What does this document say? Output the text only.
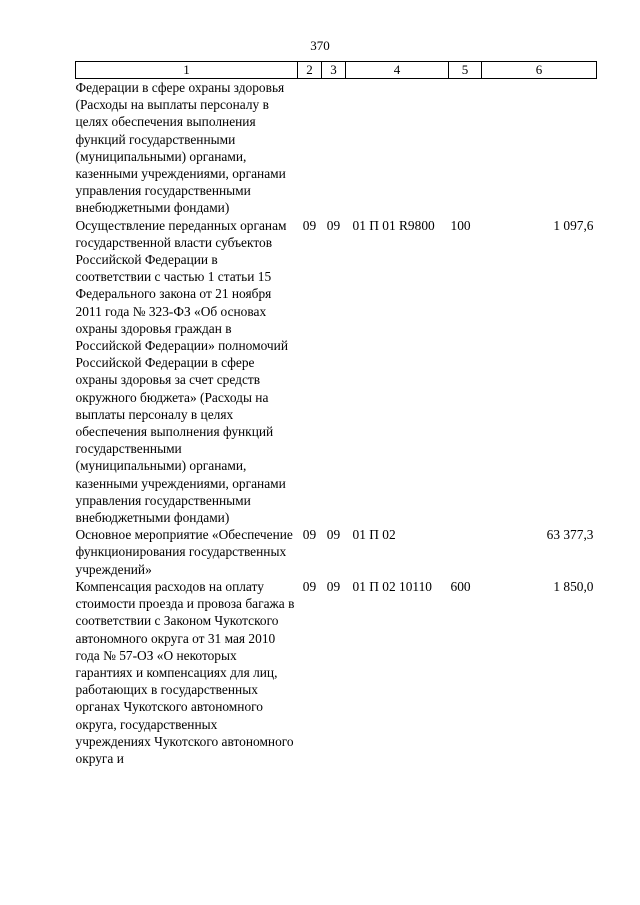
370
1	2	3	4	5	6
Федерации в сфере охраны здоровья (Расходы на выплаты персоналу в целях обеспечения выполнения функций государственными (муниципальными) органами, казенными учреждениями, органами управления государственными внебюджетными фондами)					
Осуществление переданных органам государственной власти субъектов Российской Федерации в соответствии с частью 1 статьи 15 Федерального закона от 21 ноября 2011 года № 323-ФЗ «Об основах охраны здоровья граждан в Российской Федерации» полномочий Российской Федерации в сфере охраны здоровья за счет средств окружного бюджета» (Расходы на выплаты персоналу в целях обеспечения выполнения функций государственными (муниципальными) органами, казенными учреждениями, органами управления государственными внебюджетными фондами)	09	09	01 П 01 R9800	100	1 097,6
Основное мероприятие «Обеспечение функционирования государственных учреждений»	09	09	01 П 02		63 377,3
Компенсация расходов на оплату стоимости проезда и провоза багажа в соответствии с Законом Чукотского автономного округа от 31 мая 2010 года № 57-ОЗ «О некоторых гарантиях и компенсациях для лиц, работающих в государственных органах Чукотского автономного округа, государственных учреждениях Чукотского автономного округа и	09	09	01 П 02 10110	600	1 850,0
